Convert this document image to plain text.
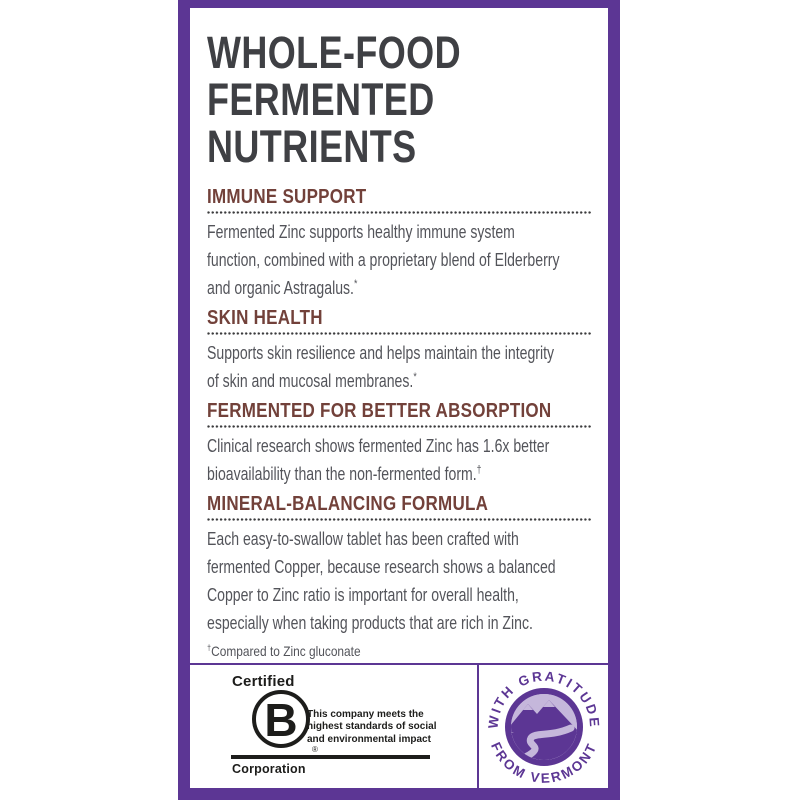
WHOLE-FOOD
FERMENTED
NUTRIENTS
IMMUNE SUPPORT
Fermented Zinc supports healthy immune system
function, combined with a proprietary blend of Elderberry
and organic Astragalus.*
SKIN HEALTH
Supports skin resilience and helps maintain the integrity
of skin and mucosal membranes.*
FERMENTED FOR BETTER ABSORPTION
Clinical research shows fermented Zinc has 1.6x better
bioavailability than the non-fermented form.†
MINERAL-BALANCING FORMULA
Each easy-to-swallow tablet has been crafted with
fermented Copper, because research shows a balanced
Copper to Zinc ratio is important for overall health,
especially when taking products that are rich in Zinc.
†Compared to Zinc gluconate
Certified
B
®
Corporation
This company meets the
highest standards of social
and environmental impact
WITH GRATITUDE
FROM VERMONT
